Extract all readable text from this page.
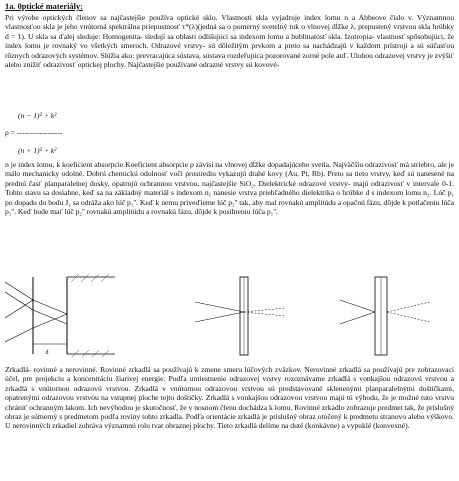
1a. 0ptické materiály:
Pri výrobe optických členov sa najčastejšie používa optické sklo. Vlastnosti skla vyjadruje index lomu n a Abbeove číslo v. Významnou vlastnosťou skla je jeho vnútorná spektrálna priepustnosť τ*(λ)(jedná sa o pomerný svetelný tok o vlnovej dĺžke λ, prepustený vrstvou skla hrúbky d = 1). U skla sa ďalej sleduje: Homogenita- sledují sa oblasti odlišujúci sa indexom lomu a bublinatosť skla. Izotropia- vlastnosť spôsobujúci, že index lomu je rovnaký vo všetkých smeroch. Odrazové vrstvy- sú dôležitým prvkom a preto sa nachádzajú v každom prístroji a sú súčasťou rôznych odrazových systémov. Slúžia ako: prevracajúca sústava, sústava rozdeľujúca pozorované zorné pole atď. Ulohou odrazovej vrstvy je zvýšiť alebo znížiť odrazivosť optickej plochy. Najčastejšie používané odrazné vrstvy sú kovové-
(n − 1)² + k²
ρ = ------------------
(n + 1)² + k²
n je index lomu, k koeficient absorpcie.Koeficient absorpcie ρ závisí na vlnovej dĺžke dopadajúceho svetla. Najväčšiu odrazivosť má striebro, ale je málo mechanicky odolné. Dobrú chemickú odolnosť voči prostrediu vykazujú drahé kovy (Au, Pt, Rb). Preto sa tieto vrstvy, keď sú nanesené na prednú časť planparalelnej dosky, opatrujú ochrannou vrstvou, najčastejšie SiO₂. Dielektrické odrazové vrstvy- majú odrazivosť v intervale 0-1. Tohto stavu sa dosiahne, keď sa na základný materiál s indexom n₁ nanesie vrstva priehľadného dielektrika o hrúbke d s indexom lomu n₂. Lúč p₁ po dopadu do bodu J₁ sa odráža ako lúč p₁''. Keď k nemu priveďieme lúč p₂'' tak, aby mal rovnakú amplitúdu a opačnú fázu, dôjde k potlačeniu lúča p₁''. Keď bude mať lúč p₂'' rovnakú amplitúdu a rovnakú fázu, dôjde k posilneniu lúča p₁''.
d
Zrkadlá- rovinné a nerovinné. Rovinné zrkadlá sa používajú k zmene smeru lúčových zväzkov. Nerovinné zrkadlá sa používajú pre zobrazovací účel, pre projekciu a koncentráciu žiarivej energie. Podľa umiestnenie odrazovej vrstvy rozoznávame zrkadlá s vonkajšou odrazovú vrstvou a zrkadlá s vnútornou odrazovú vrstvou. Zrkadlá v vnútornou odrazovou vrstvou sú predstavované sklenenými planparalelnými doštičkami, opatrenými odrazovou vrstvou na vstupnej ploche tejto doštičky. Zrkadlá s vonkajšou odrazovou vrstvou majú tú výhodu, že je možné tuto vrstvu chrániť ochranným lakom. Ich nevýhodou je skutočnosť, že v nosnom členu dochádza k lomu. Rovinné zrkadlo zobrazuje predmet tak, že príslušný obraz je súmerný s predmetom podľa roviny tohto zrkadla. Podľa orientácie zrkadlá je príslušný obraz otočený k predmetu stranovo alebo výškovo. U nerovinných zrkadiel zohráva významnú rolu tvar obraznej plochy. Tieto zrkadlá delíme na duté (konkávne) a vypuklé (konvexné).
